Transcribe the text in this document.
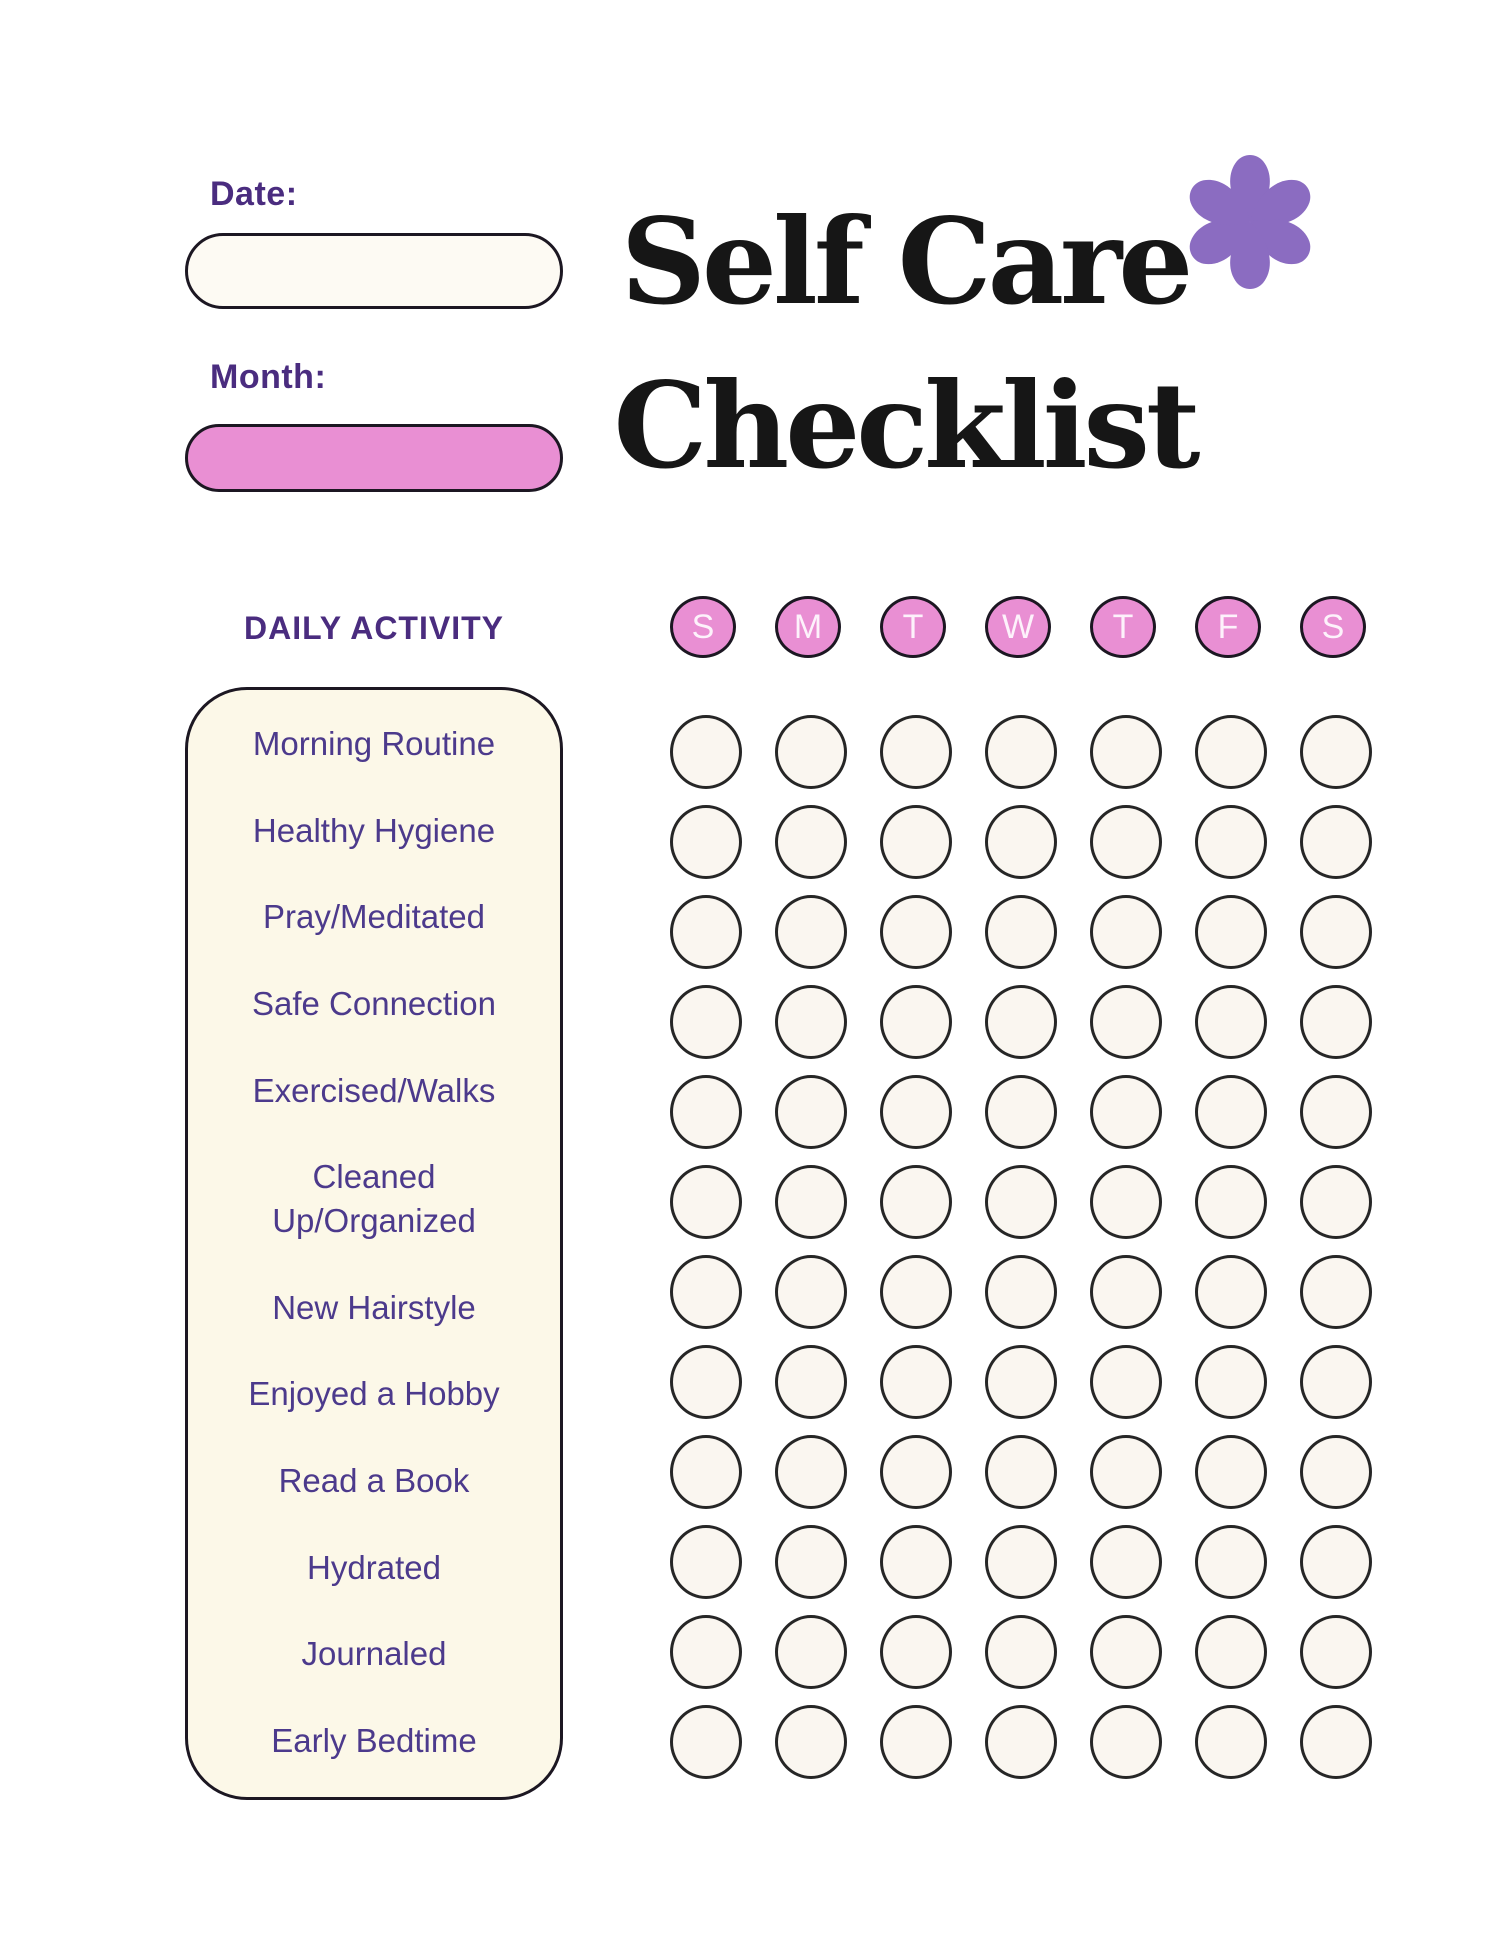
Date:
Month:
Self Care
Checklist
DAILY ACTIVITY
Morning Routine
Healthy Hygiene
Pray/Meditated
Safe Connection
Exercised/Walks
Cleaned Up/Organized
New Hairstyle
Enjoyed a Hobby
Read a Book
Hydrated
Journaled
Early Bedtime
S M T W T F S
